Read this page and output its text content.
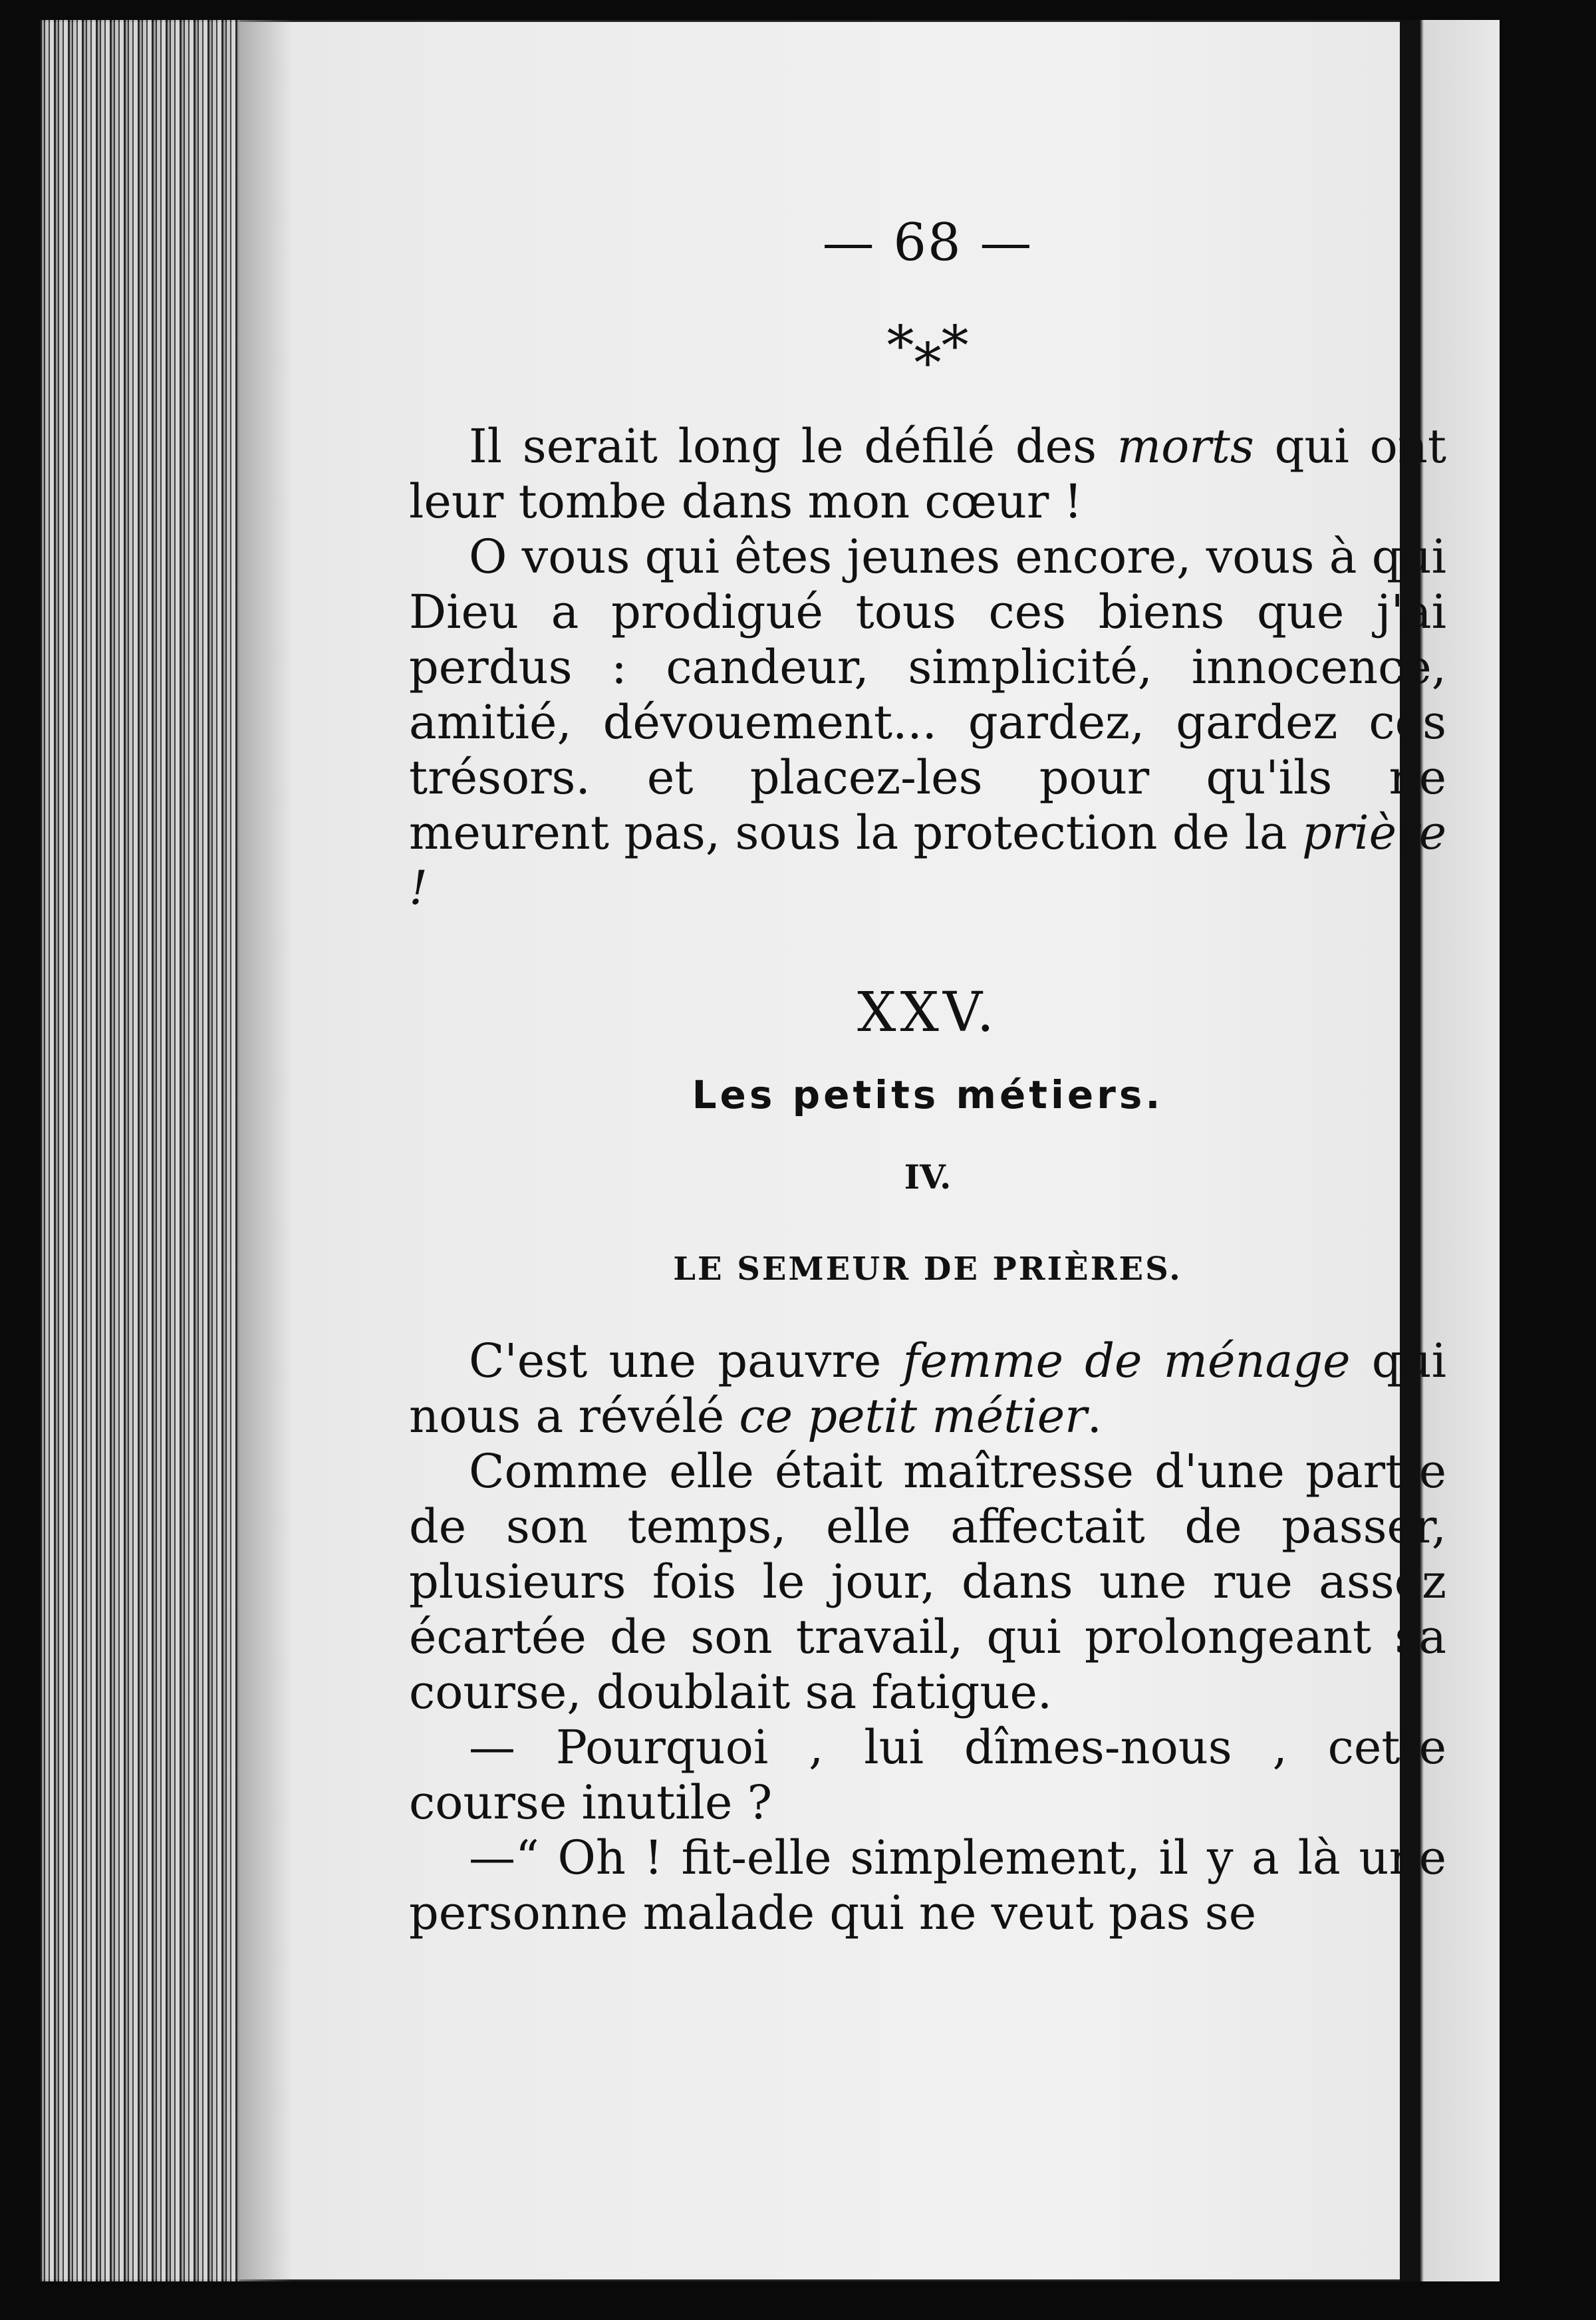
— 68 —
*⁎*

Il serait long le défilé des morts qui ont leur tombe dans mon cœur !

O vous qui êtes jeunes encore, vous à qui Dieu a prodigué tous ces biens que j'ai perdus : candeur, simplicité, innocence, amitié, dévouement... gardez, gardez ces trésors. et placez-les pour qu'ils ne meurent pas, sous la protection de la prière !

XXV.
Les petits métiers.
IV.
LE SEMEUR DE PRIÈRES.

C'est une pauvre femme de ménage qui nous a révélé ce petit métier.

Comme elle était maîtresse d'une partie de son temps, elle affectait de passer, plusieurs fois le jour, dans une rue assez écartée de son travail, qui prolongeant sa course, doublait sa fatigue.

— Pourquoi , lui dîmes-nous , cette course inutile ?

—“ Oh ! fit-elle simplement, il y a là une personne malade qui ne veut pas se
